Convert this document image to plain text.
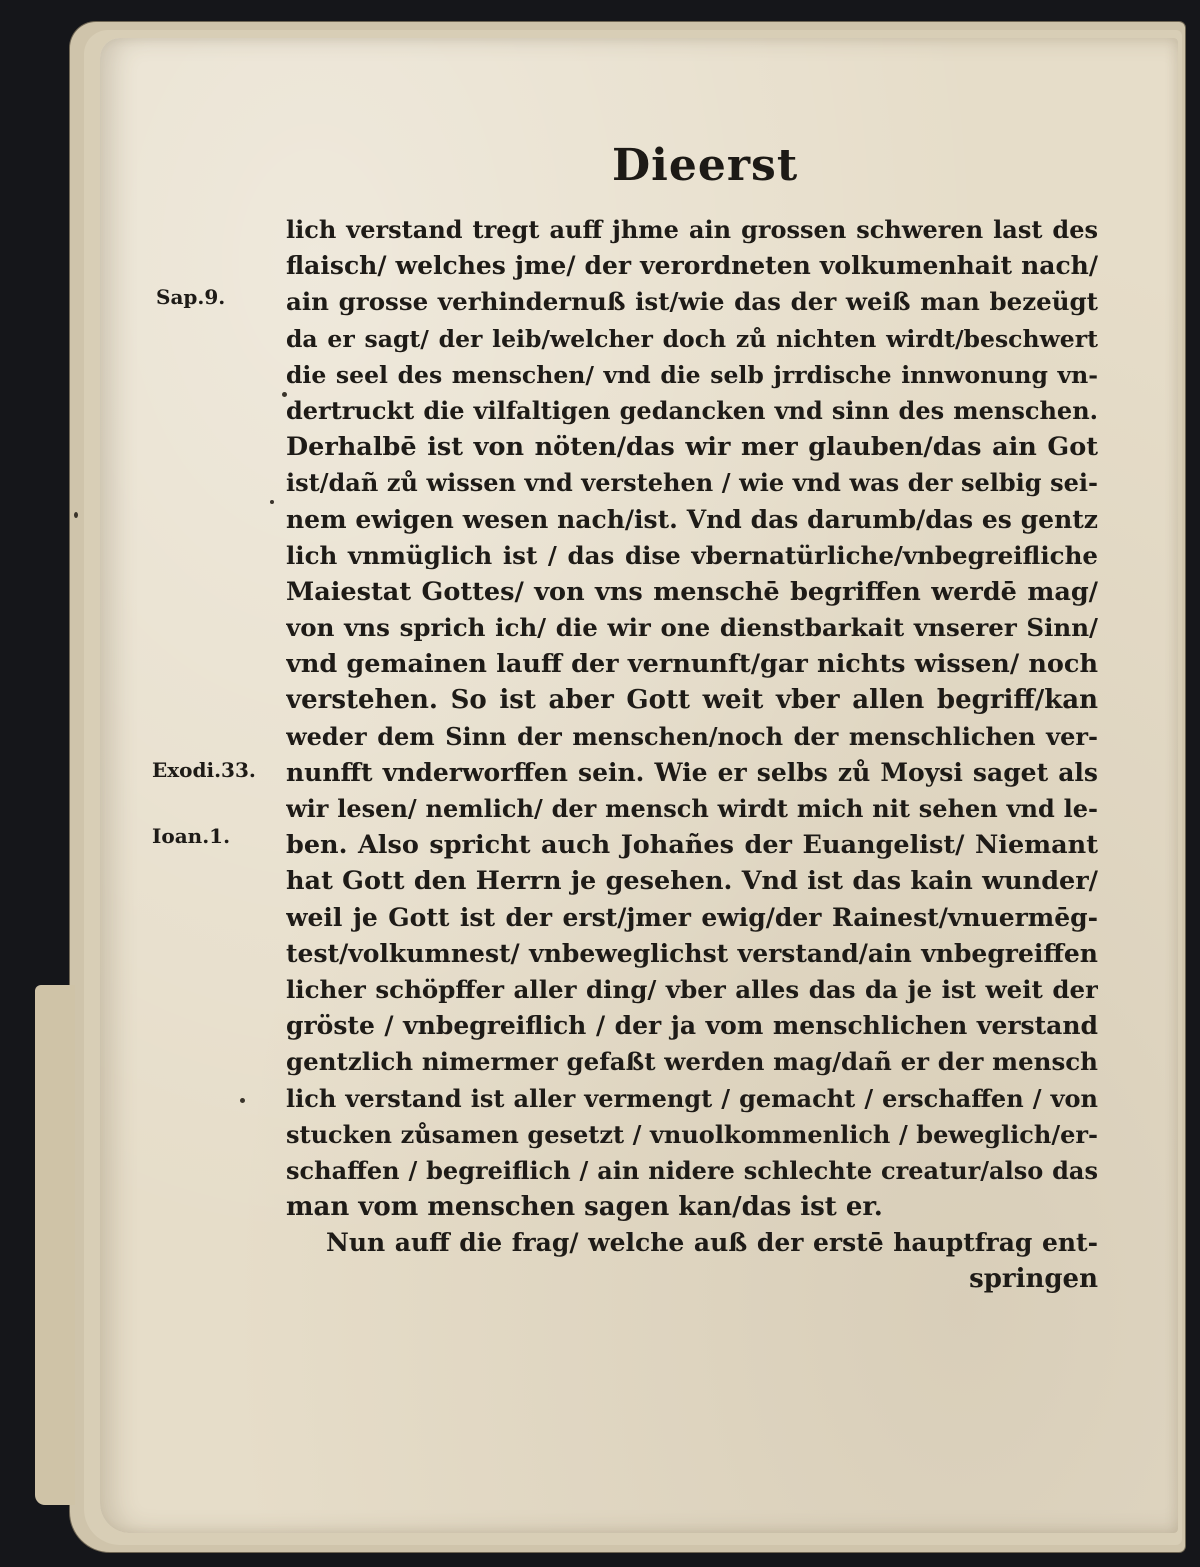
Dieerst
Sap.9.
Exodi.33.
Ioan.1.
lich verstand tregt auff jhme ain grossen schweren last des
flaisch/ welches jme/ der verordneten volkumenhait nach/
ain grosse verhindernuß ist/wie das der weiß man bezeügt
da er sagt/ der leib/welcher doch zů nichten wirdt/beschwert
die seel des menschen/ vnd die selb jrrdische innwonung vn-
dertruckt die vilfaltigen gedancken vnd sinn des menschen.
Derhalbē ist von nöten/das wir mer glauben/das ain Got
ist/dañ zů wissen vnd verstehen / wie vnd was der selbig sei-
nem ewigen wesen nach/ist. Vnd das darumb/das es gentz
lich vnmüglich ist / das dise vbernatürliche/vnbegreifliche
Maiestat Gottes/ von vns menschē begriffen werdē mag/
von vns sprich ich/ die wir one dienstbarkait vnserer Sinn/
vnd gemainen lauff der vernunft/gar nichts wissen/ noch
verstehen. So ist aber Gott weit vber allen begriff/kan
weder dem Sinn der menschen/noch der menschlichen ver-
nunfft vnderworffen sein. Wie er selbs zů Moysi saget als
wir lesen/ nemlich/ der mensch wirdt mich nit sehen vnd le-
ben. Also spricht auch Johañes der Euangelist/ Niemant
hat Gott den Herrn je gesehen. Vnd ist das kain wunder/
weil je Gott ist der erst/jmer ewig/der Rainest/vnuermēg-
test/volkumnest/ vnbeweglichst verstand/ain vnbegreiffen
licher schöpffer aller ding/ vber alles das da je ist weit der
gröste / vnbegreiflich / der ja vom menschlichen verstand
gentzlich nimermer gefaßt werden mag/dañ er der mensch
lich verstand ist aller vermengt / gemacht / erschaffen / von
stucken zůsamen gesetzt / vnuolkommenlich / beweglich/er-
schaffen / begreiflich / ain nidere schlechte creatur/also das
man vom menschen sagen kan/das ist er.
Nun auff die frag/ welche auß der erstē hauptfrag ent-
springen
